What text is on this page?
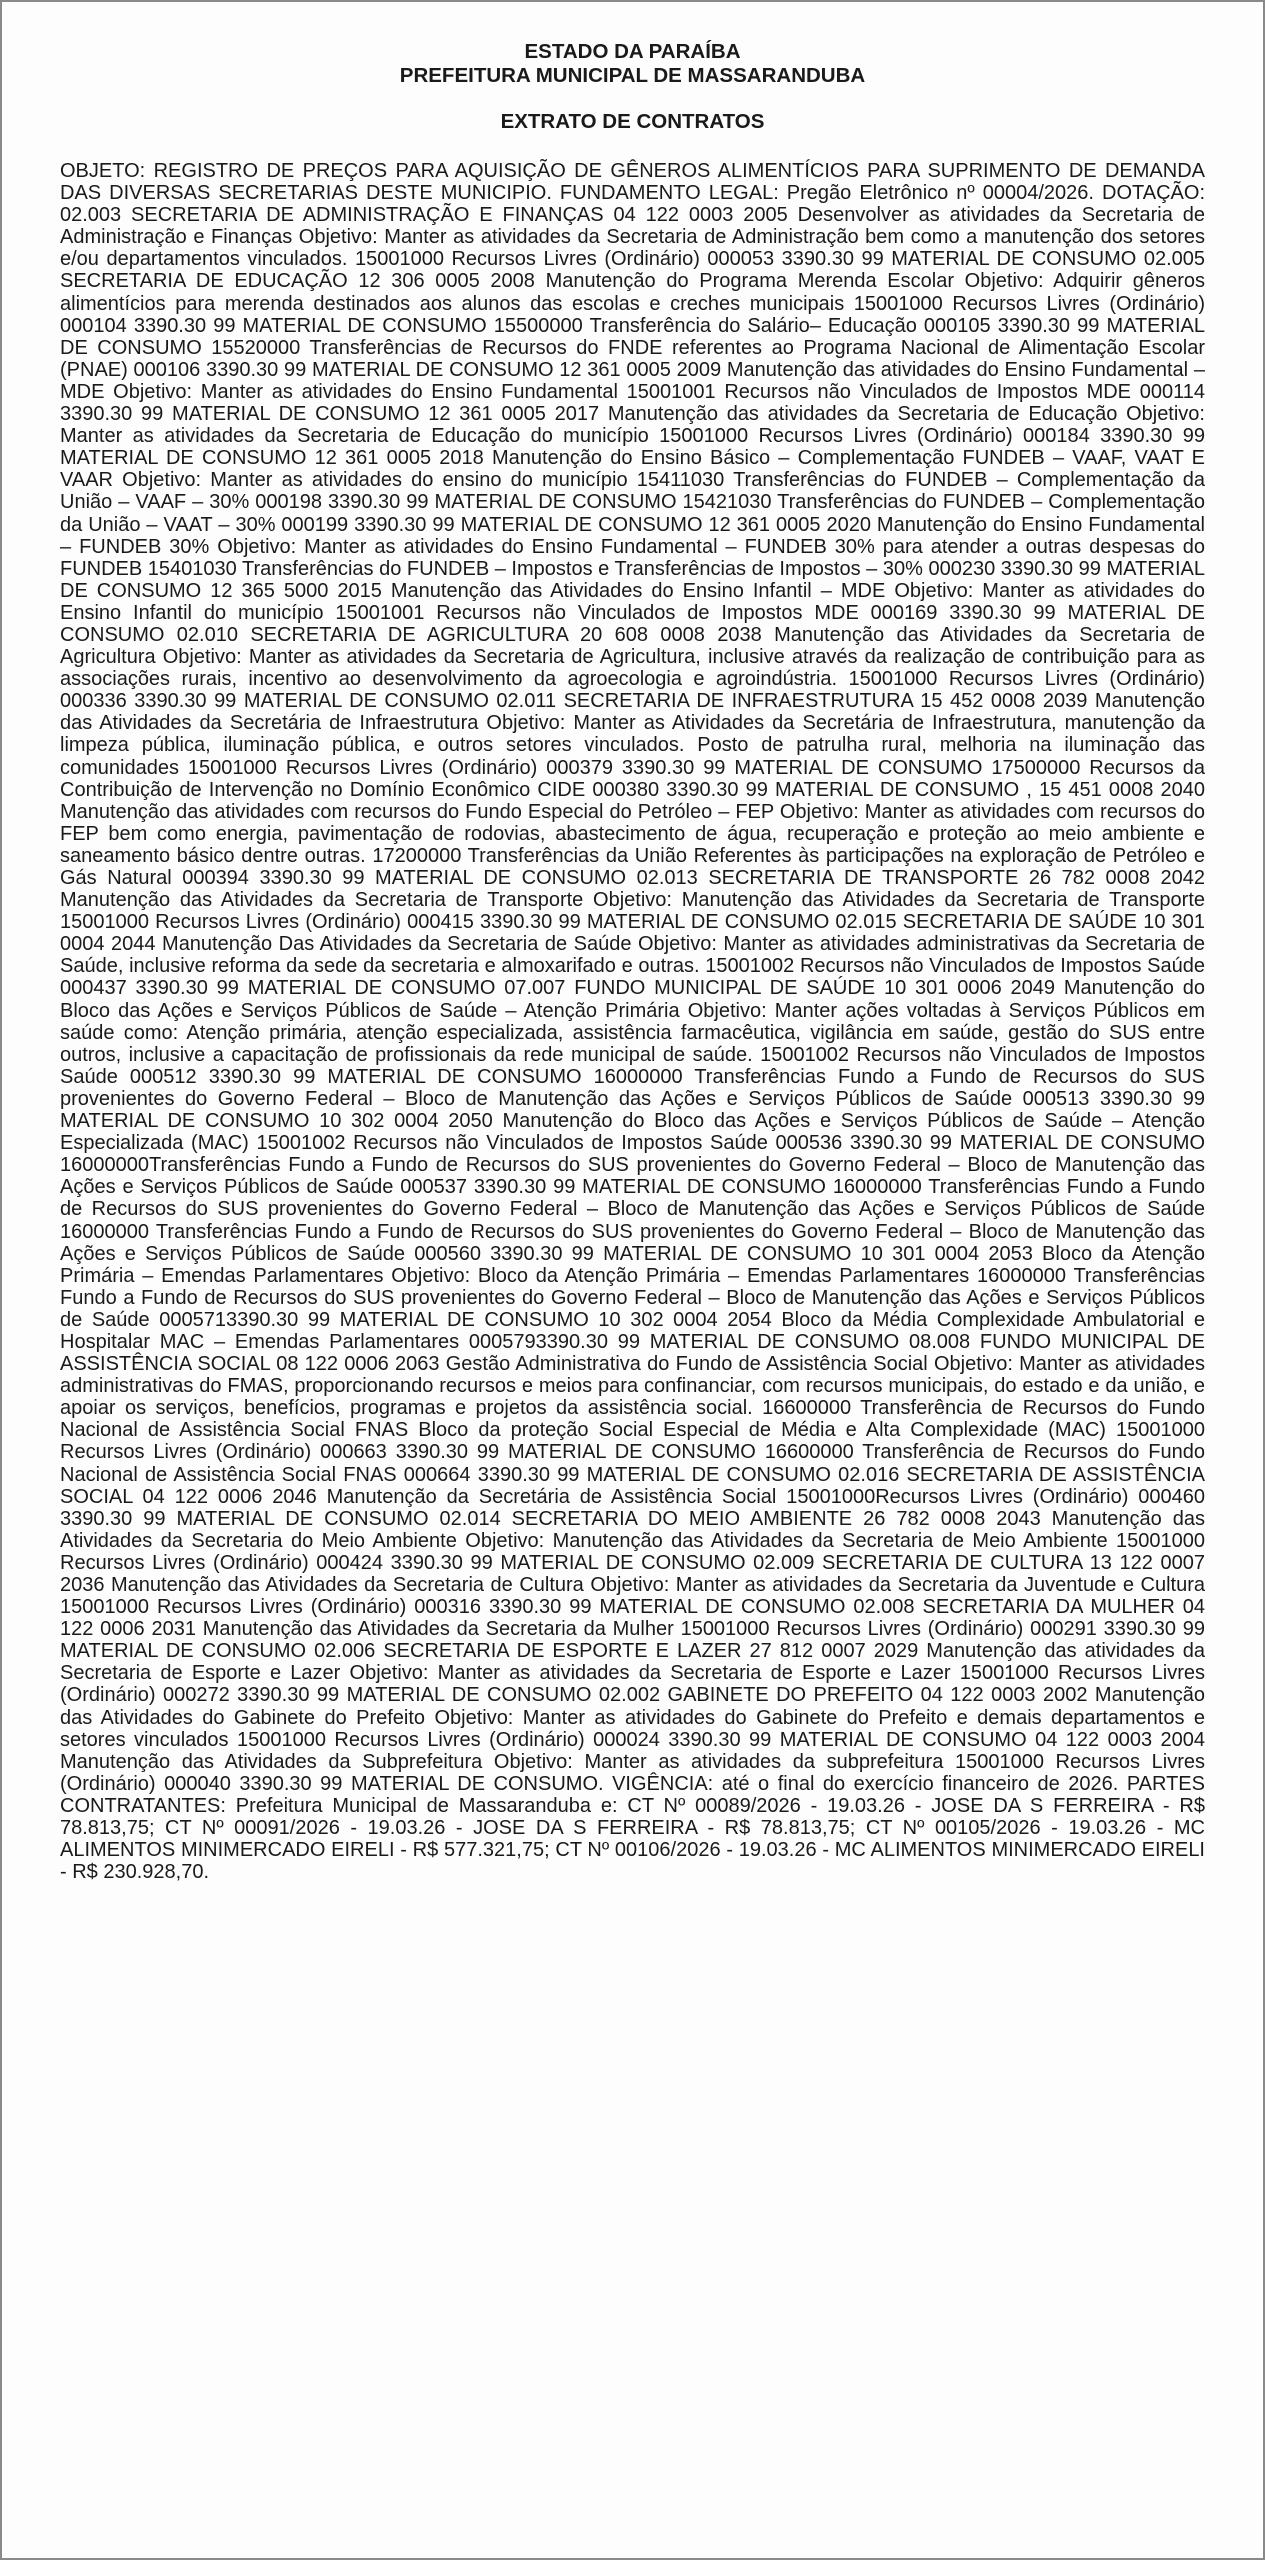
ESTADO DA PARAÍBA

PREFEITURA MUNICIPAL DE MASSARANDUBA

EXTRATO DE CONTRATOS

OBJETO: REGISTRO DE PREÇOS PARA AQUISIÇÃO DE GÊNEROS ALIMENTÍCIOS PARA SUPRIMENTO DE DEMANDA DAS DIVERSAS SECRETARIAS DESTE MUNICIPIO. FUNDAMENTO LEGAL: Pregão Eletrônico nº 00004/2026. DOTAÇÃO: 02.003 SECRETARIA DE ADMINISTRAÇÃO E FINANÇAS 04 122 0003 2005 Desenvolver as atividades da Secretaria de Administração e Finanças Objetivo: Manter as atividades da Secretaria de Administração bem como a manutenção dos setores e/ou departamentos vinculados. 15001000 Recursos Livres (Ordinário) 000053 3390.30 99 MATERIAL DE CONSUMO 02.005 SECRETARIA DE EDUCAÇÃO 12 306 0005 2008 Manutenção do Programa Merenda Escolar Objetivo: Adquirir gêneros alimentícios para merenda destinados aos alunos das escolas e creches municipais 15001000 Recursos Livres (Ordinário) 000104 3390.30 99 MATERIAL DE CONSUMO 15500000 Transferência do Salário– Educação 000105 3390.30 99 MATERIAL DE CONSUMO 15520000 Transferências de Recursos do FNDE referentes ao Programa Nacional de Alimentação Escolar (PNAE) 000106 3390.30 99 MATERIAL DE CONSUMO 12 361 0005 2009 Manutenção das atividades do Ensino Fundamental – MDE Objetivo: Manter as atividades do Ensino Fundamental 15001001 Recursos não Vinculados de Impostos MDE 000114 3390.30 99 MATERIAL DE CONSUMO 12 361 0005 2017 Manutenção das atividades da Secretaria de Educação Objetivo: Manter as atividades da Secretaria de Educação do município 15001000 Recursos Livres (Ordinário) 000184 3390.30 99 MATERIAL DE CONSUMO 12 361 0005 2018 Manutenção do Ensino Básico – Complementação FUNDEB – VAAF, VAAT E VAAR Objetivo: Manter as atividades do ensino do município 15411030 Transferências do FUNDEB – Complementação da União – VAAF – 30% 000198 3390.30 99 MATERIAL DE CONSUMO 15421030 Transferências do FUNDEB – Complementação da União – VAAT – 30% 000199 3390.30 99 MATERIAL DE CONSUMO 12 361 0005 2020 Manutenção do Ensino Fundamental – FUNDEB 30% Objetivo: Manter as atividades do Ensino Fundamental – FUNDEB 30% para atender a outras despesas do FUNDEB 15401030 Transferências do FUNDEB – Impostos e Transferências de Impostos – 30% 000230 3390.30 99 MATERIAL DE CONSUMO 12 365 5000 2015 Manutenção das Atividades do Ensino Infantil – MDE Objetivo: Manter as atividades do Ensino Infantil do município 15001001 Recursos não Vinculados de Impostos MDE 000169 3390.30 99 MATERIAL DE CONSUMO 02.010 SECRETARIA DE AGRICULTURA 20 608 0008 2038 Manutenção das Atividades da Secretaria de Agricultura Objetivo: Manter as atividades da Secretaria de Agricultura, inclusive através da realização de contribuição para as associações rurais, incentivo ao desenvolvimento da agroecologia e agroindústria. 15001000 Recursos Livres (Ordinário) 000336 3390.30 99 MATERIAL DE CONSUMO 02.011 SECRETARIA DE INFRAESTRUTURA 15 452 0008 2039 Manutenção das Atividades da Secretária de Infraestrutura Objetivo: Manter as Atividades da Secretária de Infraestrutura, manutenção da limpeza pública, iluminação pública, e outros setores vinculados. Posto de patrulha rural, melhoria na iluminação das comunidades 15001000 Recursos Livres (Ordinário) 000379 3390.30 99 MATERIAL DE CONSUMO 17500000 Recursos da Contribuição de Intervenção no Domínio Econômico CIDE 000380 3390.30 99 MATERIAL DE CONSUMO , 15 451 0008 2040 Manutenção das atividades com recursos do Fundo Especial do Petróleo – FEP Objetivo: Manter as atividades com recursos do FEP bem como energia, pavimentação de rodovias, abastecimento de água, recuperação e proteção ao meio ambiente e saneamento básico dentre outras. 17200000 Transferências da União Referentes às participações na exploração de Petróleo e Gás Natural 000394 3390.30 99 MATERIAL DE CONSUMO 02.013 SECRETARIA DE TRANSPORTE 26 782 0008 2042 Manutenção das Atividades da Secretaria de Transporte Objetivo: Manutenção das Atividades da Secretaria de Transporte 15001000 Recursos Livres (Ordinário) 000415 3390.30 99 MATERIAL DE CONSUMO 02.015 SECRETARIA DE SAÚDE 10 301 0004 2044 Manutenção Das Atividades da Secretaria de Saúde Objetivo: Manter as atividades administrativas da Secretaria de Saúde, inclusive reforma da sede da secretaria e almoxarifado e outras. 15001002 Recursos não Vinculados de Impostos Saúde 000437 3390.30 99 MATERIAL DE CONSUMO 07.007 FUNDO MUNICIPAL DE SAÚDE 10 301 0006 2049 Manutenção do Bloco das Ações e Serviços Públicos de Saúde – Atenção Primária Objetivo: Manter ações voltadas à Serviços Públicos em saúde como: Atenção primária, atenção especializada, assistência farmacêutica, vigilância em saúde, gestão do SUS entre outros, inclusive a capacitação de profissionais da rede municipal de saúde. 15001002 Recursos não Vinculados de Impostos Saúde 000512 3390.30 99 MATERIAL DE CONSUMO 16000000 Transferências Fundo a Fundo de Recursos do SUS provenientes do Governo Federal – Bloco de Manutenção das Ações e Serviços Públicos de Saúde 000513 3390.30 99 MATERIAL DE CONSUMO 10 302 0004 2050 Manutenção do Bloco das Ações e Serviços Públicos de Saúde – Atenção Especializada (MAC) 15001002 Recursos não Vinculados de Impostos Saúde 000536 3390.30 99 MATERIAL DE CONSUMO 16000000Transferências Fundo a Fundo de Recursos do SUS provenientes do Governo Federal – Bloco de Manutenção das Ações e Serviços Públicos de Saúde 000537 3390.30 99 MATERIAL DE CONSUMO 16000000 Transferências Fundo a Fundo de Recursos do SUS provenientes do Governo Federal – Bloco de Manutenção das Ações e Serviços Públicos de Saúde 16000000 Transferências Fundo a Fundo de Recursos do SUS provenientes do Governo Federal – Bloco de Manutenção das Ações e Serviços Públicos de Saúde 000560 3390.30 99 MATERIAL DE CONSUMO 10 301 0004 2053 Bloco da Atenção Primária – Emendas Parlamentares Objetivo: Bloco da Atenção Primária – Emendas Parlamentares 16000000 Transferências Fundo a Fundo de Recursos do SUS provenientes do Governo Federal – Bloco de Manutenção das Ações e Serviços Públicos de Saúde 0005713390.30 99 MATERIAL DE CONSUMO 10 302 0004 2054 Bloco da Média Complexidade Ambulatorial e Hospitalar MAC – Emendas Parlamentares 0005793390.30 99 MATERIAL DE CONSUMO 08.008 FUNDO MUNICIPAL DE ASSISTÊNCIA SOCIAL 08 122 0006 2063 Gestão Administrativa do Fundo de Assistência Social Objetivo: Manter as atividades administrativas do FMAS, proporcionando recursos e meios para confinanciar, com recursos municipais, do estado e da união, e apoiar os serviços, benefícios, programas e projetos da assistência social. 16600000 Transferência de Recursos do Fundo Nacional de Assistência Social FNAS Bloco da proteção Social Especial de Média e Alta Complexidade (MAC) 15001000 Recursos Livres (Ordinário) 000663 3390.30 99 MATERIAL DE CONSUMO 16600000 Transferência de Recursos do Fundo Nacional de Assistência Social FNAS 000664 3390.30 99 MATERIAL DE CONSUMO 02.016 SECRETARIA DE ASSISTÊNCIA SOCIAL 04 122 0006 2046 Manutenção da Secretária de Assistência Social 15001000Recursos Livres (Ordinário) 000460 3390.30 99 MATERIAL DE CONSUMO 02.014 SECRETARIA DO MEIO AMBIENTE 26 782 0008 2043 Manutenção das Atividades da Secretaria do Meio Ambiente Objetivo: Manutenção das Atividades da Secretaria de Meio Ambiente 15001000 Recursos Livres (Ordinário) 000424 3390.30 99 MATERIAL DE CONSUMO 02.009 SECRETARIA DE CULTURA 13 122 0007 2036 Manutenção das Atividades da Secretaria de Cultura Objetivo: Manter as atividades da Secretaria da Juventude e Cultura 15001000 Recursos Livres (Ordinário) 000316 3390.30 99 MATERIAL DE CONSUMO 02.008 SECRETARIA DA MULHER 04 122 0006 2031 Manutenção das Atividades da Secretaria da Mulher 15001000 Recursos Livres (Ordinário) 000291 3390.30 99 MATERIAL DE CONSUMO 02.006 SECRETARIA DE ESPORTE E LAZER 27 812 0007 2029 Manutenção das atividades da Secretaria de Esporte e Lazer Objetivo: Manter as atividades da Secretaria de Esporte e Lazer 15001000 Recursos Livres (Ordinário) 000272 3390.30 99 MATERIAL DE CONSUMO 02.002 GABINETE DO PREFEITO 04 122 0003 2002 Manutenção das Atividades do Gabinete do Prefeito Objetivo: Manter as atividades do Gabinete do Prefeito e demais departamentos e setores vinculados 15001000 Recursos Livres (Ordinário) 000024 3390.30 99 MATERIAL DE CONSUMO 04 122 0003 2004 Manutenção das Atividades da Subprefeitura Objetivo: Manter as atividades da subprefeitura 15001000 Recursos Livres (Ordinário) 000040 3390.30 99 MATERIAL DE CONSUMO. VIGÊNCIA: até o final do exercício financeiro de 2026. PARTES CONTRATANTES: Prefeitura Municipal de Massaranduba e: CT Nº 00089/2026 - 19.03.26 - JOSE DA S FERREIRA - R$ 78.813,75; CT Nº 00091/2026 - 19.03.26 - JOSE DA S FERREIRA - R$ 78.813,75; CT Nº 00105/2026 - 19.03.26 - MC ALIMENTOS MINIMERCADO EIRELI - R$ 577.321,75; CT Nº 00106/2026 - 19.03.26 - MC ALIMENTOS MINIMERCADO EIRELI - R$ 230.928,70.
